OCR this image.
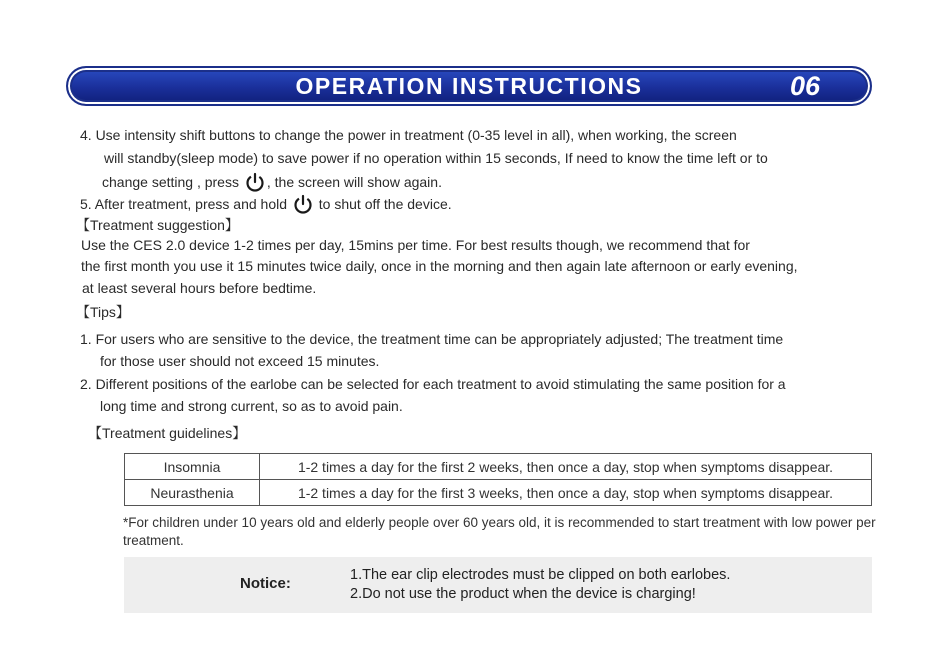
OPERATION INSTRUCTIONS	06
4. Use intensity shift buttons to change the power in treatment (0-35 level in all), when working, the screen
will standby(sleep mode) to save power if no operation within 15 seconds, If need to know the time left or to
change setting , press , the screen will show again.
5. After treatment, press and hold to shut off the device.
【Treatment suggestion】
Use the CES 2.0 device 1-2 times per day, 15mins per time. For best results though, we recommend that for
the first month you use it 15 minutes twice daily, once in the morning and then again late afternoon or early evening,
at least several hours before bedtime.
【Tips】
1. For users who are sensitive to the device, the treatment time can be appropriately adjusted; The treatment time
for those user should not exceed 15 minutes.
2. Different positions of the earlobe can be selected for each treatment to avoid stimulating the same position for a
long time and strong current, so as to avoid pain.
【Treatment guidelines】
Insomnia	1-2 times a day for the first 2 weeks, then once a day, stop when symptoms disappear.
Neurasthenia	1-2 times a day for the first 3 weeks, then once a day, stop when symptoms disappear.
*For children under 10 years old and elderly people over 60 years old, it is recommended to start treatment with low power per treatment.
Notice:	1.The ear clip electrodes must be clipped on both earlobes.
2.Do not use the product when the device is charging!
